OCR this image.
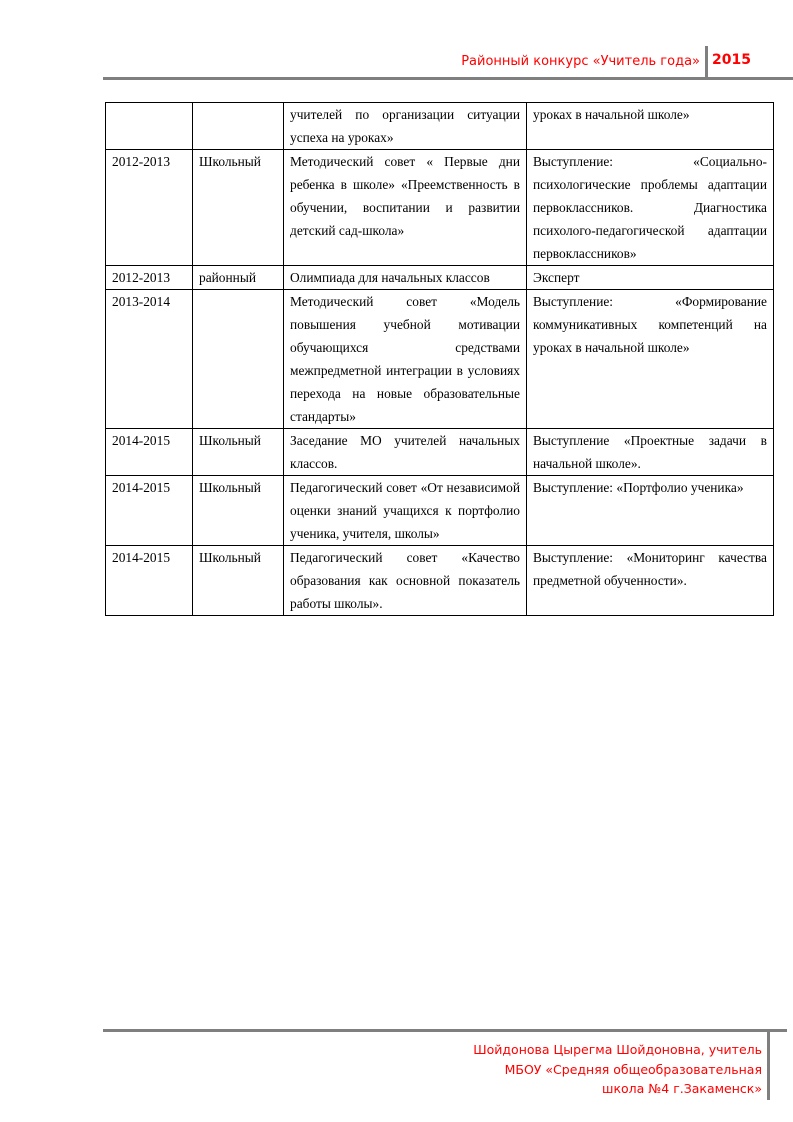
Районный конкурс «Учитель года» 2015
		учителей по организации ситуации успеха на уроках»	уроках в начальной школе»
2012-2013	Школьный	Методический совет « Первые дни ребенка в школе» «Преемственность в обучении, воспитании и развитии детский сад-школа»	Выступление: «Социально-психологические проблемы адаптации первоклассников. Диагностика психолого-педагогической адаптации первоклассников»
2012-2013	районный	Олимпиада для начальных классов	Эксперт
2013-2014		Методический совет «Модель повышения учебной мотивации обучающихся средствами межпредметной интеграции в условиях перехода на новые образовательные стандарты»	Выступление: «Формирование коммуникативных компетенций на уроках в начальной школе»
2014-2015	Школьный	Заседание МО учителей начальных классов.	Выступление «Проектные задачи в начальной школе».
2014-2015	Школьный	Педагогический совет «От независимой оценки знаний учащихся к портфолио ученика, учителя, школы»	Выступление: «Портфолио ученика»
2014-2015	Школьный	Педагогический совет «Качество образования как основной показатель работы школы».	Выступление: «Мониторинг качества предметной обученности».
Шойдонова Цырегма Шойдоновна, учитель
МБОУ «Средняя общеобразовательная
школа №4 г.Закаменск»
